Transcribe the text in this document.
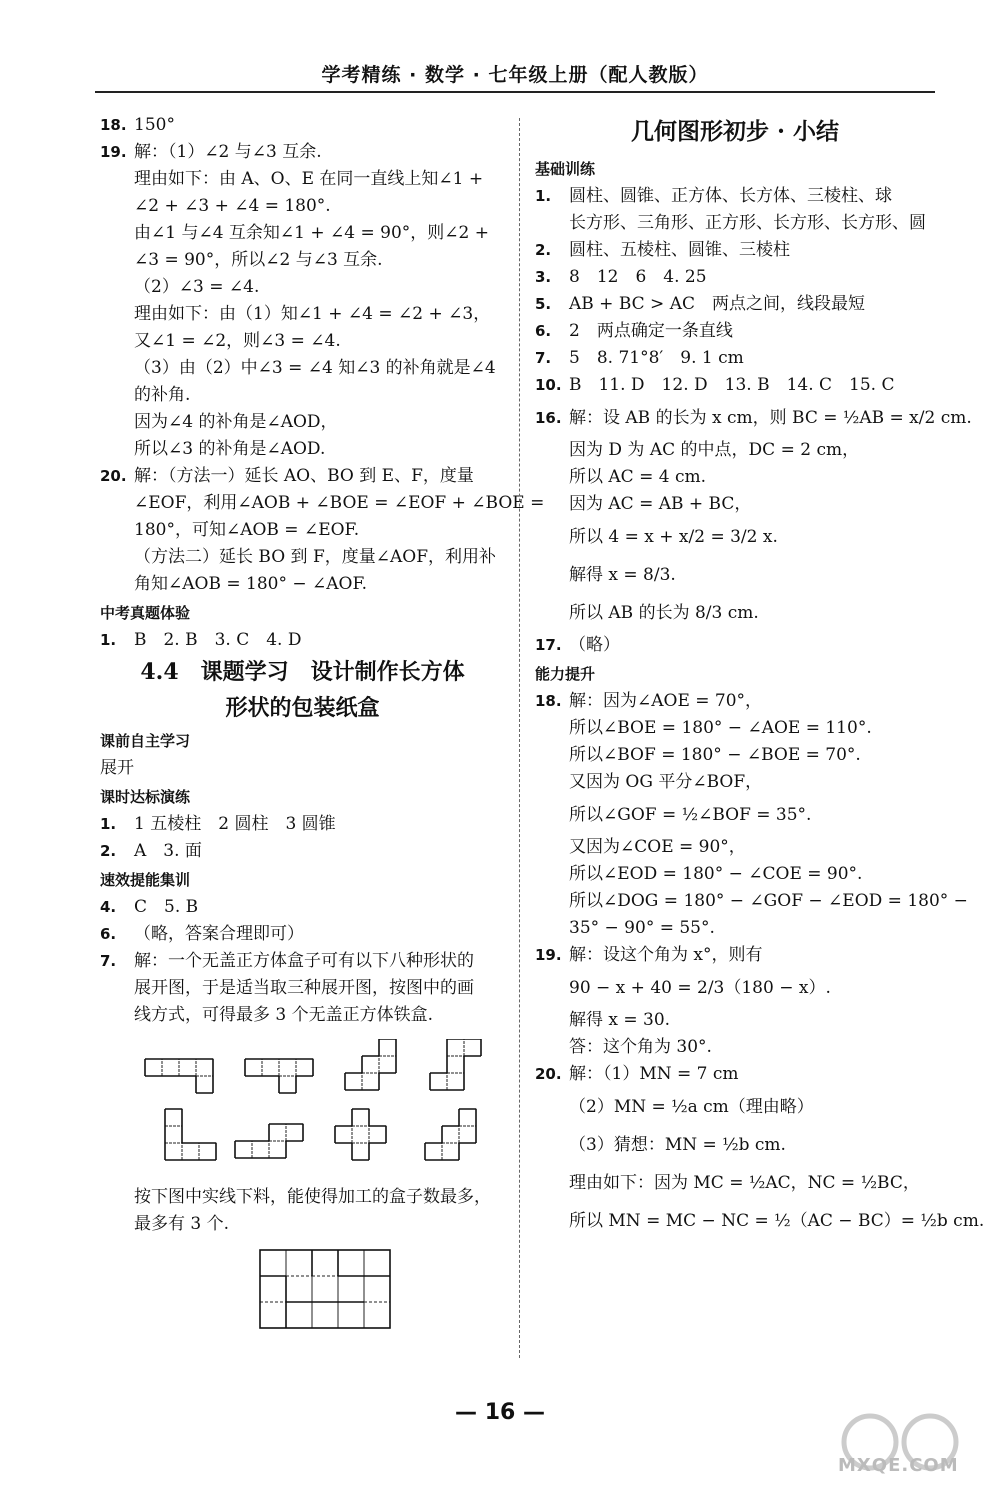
学考精练 · 数学 · 七年级上册（配人教版）
18.150°
19.解：（1）∠2 与∠3 互余.
理由如下：由 A、O、E 在同一直线上知∠1 +
∠2 + ∠3 + ∠4 = 180°.
由∠1 与∠4 互余知∠1 + ∠4 = 90°，则∠2 +
∠3 = 90°，所以∠2 与∠3 互余.
（2）∠3 = ∠4.
理由如下：由（1）知∠1 + ∠4 = ∠2 + ∠3，
又∠1 = ∠2，则∠3 = ∠4.
（3）由（2）中∠3 = ∠4 知∠3 的补角就是∠4
的补角.
因为∠4 的补角是∠AOD，
所以∠3 的补角是∠AOD.
20.解：（方法一）延长 AO、BO 到 E、F，度量
∠EOF，利用∠AOB + ∠BOE = ∠EOF + ∠BOE =
180°，可知∠AOB = ∠EOF.
（方法二）延长 BO 到 F，度量∠AOF，利用补
角知∠AOB = 180° − ∠AOF.
中考真题体验
1.B　2. B　3. C　4. D
4.4　课题学习　设计制作长方体
形状的包装纸盒
课前自主学习
展开
课时达标演练
1.1 五棱柱　2 圆柱　3 圆锥
2.A　3. 面
速效提能集训
4.C　5. B
6.（略，答案合理即可）
7.解：一个无盖正方体盒子可有以下八种形状的
展开图，于是适当取三种展开图，按图中的画
线方式，可得最多 3 个无盖正方体铁盒.
按下图中实线下料，能使得加工的盒子数最多，
最多有 3 个.
几何图形初步 · 小结
基础训练
1.圆柱、圆锥、正方体、长方体、三棱柱、球
长方形、三角形、正方形、长方形、长方形、圆
2.圆柱、五棱柱、圆锥、三棱柱
3.8　12　6　4. 25
5.AB + BC > AC　两点之间，线段最短
6.2　两点确定一条直线
7.5　8. 71°8′　9. 1 cm
10.B　11. D　12. D　13. B　14. C　15. C
16.解：设 AB 的长为 x cm，则 BC = ½AB = x/2 cm.
因为 D 为 AC 的中点，DC = 2 cm，
所以 AC = 4 cm.
因为 AC = AB + BC，
所以 4 = x + x/2 = 3/2 x.
解得 x = 8/3.
所以 AB 的长为 8/3 cm.
17.（略）
能力提升
18.解：因为∠AOE = 70°，
所以∠BOE = 180° − ∠AOE = 110°.
所以∠BOF = 180° − ∠BOE = 70°.
又因为 OG 平分∠BOF，
所以∠GOF = ½∠BOF = 35°.
又因为∠COE = 90°，
所以∠EOD = 180° − ∠COE = 90°.
所以∠DOG = 180° − ∠GOF − ∠EOD = 180° −
35° − 90° = 55°.
19.解：设这个角为 x°，则有
90 − x + 40 = 2/3（180 − x）.
解得 x = 30.
答：这个角为 30°.
20.解：（1）MN = 7 cm
（2）MN = ½a cm（理由略）
（3）猜想：MN = ½b cm.
理由如下：因为 MC = ½AC，NC = ½BC，
所以 MN = MC − NC = ½（AC − BC）= ½b cm.
— 16 —
MXQE.COM
